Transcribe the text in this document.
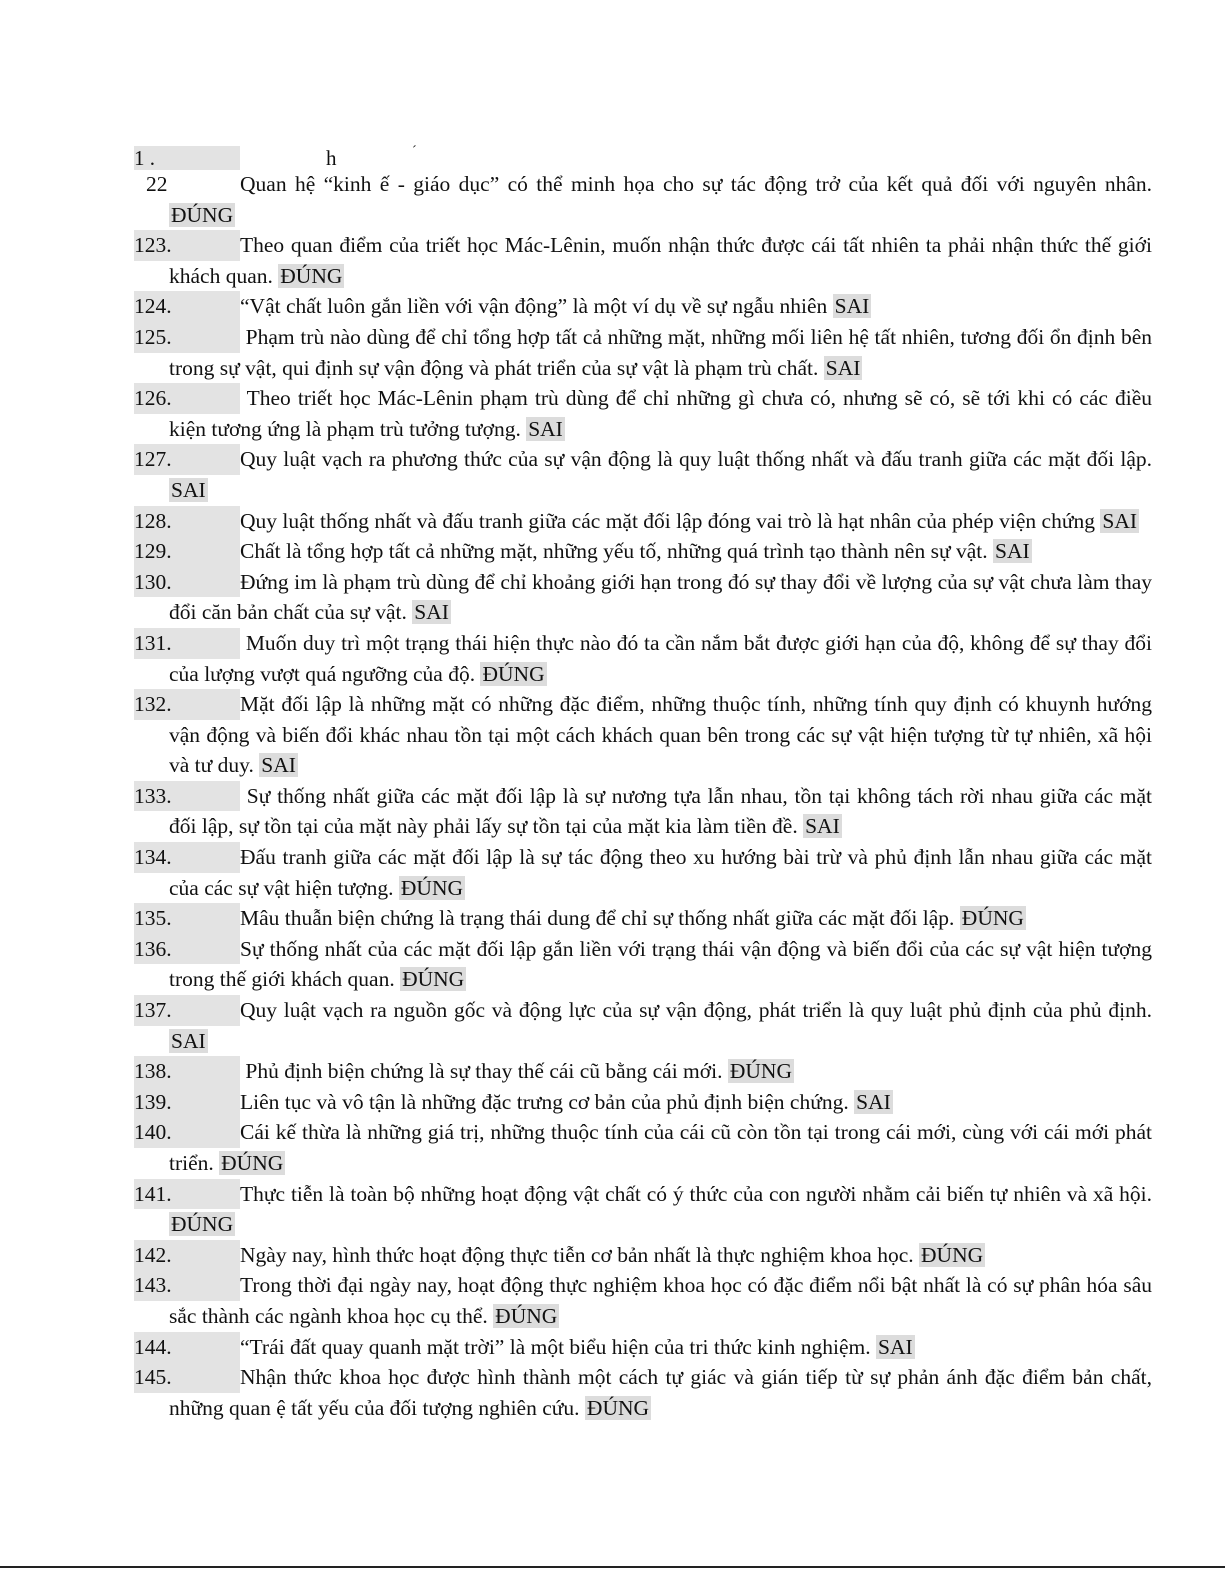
1 .	h	´
22	Quan hệ “kinh ế - giáo dục” có thể minh họa cho sự tác động trở của kết quả đối với nguyên nhân. ĐÚNG
123.	Theo quan điểm của triết học Mác-Lênin, muốn nhận thức được cái tất nhiên ta phải nhận thức thế giới khách quan. ĐÚNG
124.	“Vật chất luôn gắn liền với vận động” là một ví dụ về sự ngẫu nhiên SAI
125.	Phạm trù nào dùng để chỉ tổng hợp tất cả những mặt, những mối liên hệ tất nhiên, tương đối ổn định bên trong sự vật, qui định sự vận động và phát triển của sự vật là phạm trù chất. SAI
126.	Theo triết học Mác-Lênin phạm trù dùng để chỉ những gì chưa có, nhưng sẽ có, sẽ tới khi có các điều kiện tương ứng là phạm trù tưởng tượng. SAI
127.	Quy luật vạch ra phương thức của sự vận động là quy luật thống nhất và đấu tranh giữa các mặt đối lập. SAI
128.	Quy luật thống nhất và đấu tranh giữa các mặt đối lập đóng vai trò là hạt nhân của phép viện chứng SAI
129.	Chất là tổng hợp tất cả những mặt, những yếu tố, những quá trình tạo thành nên sự vật. SAI
130.	Đứng im là phạm trù dùng để chỉ khoảng giới hạn trong đó sự thay đổi về lượng của sự vật chưa làm thay đổi căn bản chất của sự vật. SAI
131.	Muốn duy trì một trạng thái hiện thực nào đó ta cần nắm bắt được giới hạn của độ, không để sự thay đổi của lượng vượt quá ngưỡng của độ. ĐÚNG
132.	Mặt đối lập là những mặt có những đặc điểm, những thuộc tính, những tính quy định có khuynh hướng vận động và biến đổi khác nhau tồn tại một cách khách quan bên trong các sự vật hiện tượng từ tự nhiên, xã hội và tư duy. SAI
133.	Sự thống nhất giữa các mặt đối lập là sự nương tựa lẫn nhau, tồn tại không tách rời nhau giữa các mặt đối lập, sự tồn tại của mặt này phải lấy sự tồn tại của mặt kia làm tiền đề. SAI
134.	Đấu tranh giữa các mặt đối lập là sự tác động theo xu hướng bài trừ và phủ định lẫn nhau giữa các mặt của các sự vật hiện tượng. ĐÚNG
135.	Mâu thuẫn biện chứng là trạng thái dung để chỉ sự thống nhất giữa các mặt đối lập. ĐÚNG
136.	Sự thống nhất của các mặt đối lập gắn liền với trạng thái vận động và biến đổi của các sự vật hiện tượng trong thế giới khách quan. ĐÚNG
137.	Quy luật vạch ra nguồn gốc và động lực của sự vận động, phát triển là quy luật phủ định của phủ định. SAI
138.	Phủ định biện chứng là sự thay thế cái cũ bằng cái mới. ĐÚNG
139.	Liên tục và vô tận là những đặc trưng cơ bản của phủ định biện chứng. SAI
140.	Cái kế thừa là những giá trị, những thuộc tính của cái cũ còn tồn tại trong cái mới, cùng với cái mới phát triển. ĐÚNG
141.	Thực tiễn là toàn bộ những hoạt động vật chất có ý thức của con người nhằm cải biến tự nhiên và xã hội. ĐÚNG
142.	Ngày nay, hình thức hoạt động thực tiễn cơ bản nhất là thực nghiệm khoa học. ĐÚNG
143.	Trong thời đại ngày nay, hoạt động thực nghiệm khoa học có đặc điểm nổi bật nhất là có sự phân hóa sâu sắc thành các ngành khoa học cụ thể. ĐÚNG
144.	“Trái đất quay quanh mặt trời” là một biểu hiện của tri thức kinh nghiệm. SAI
145.	Nhận thức khoa học được hình thành một cách tự giác và gián tiếp từ sự phản ánh đặc điểm bản chất, những quan ệ tất yếu của đối tượng nghiên cứu. ĐÚNG
